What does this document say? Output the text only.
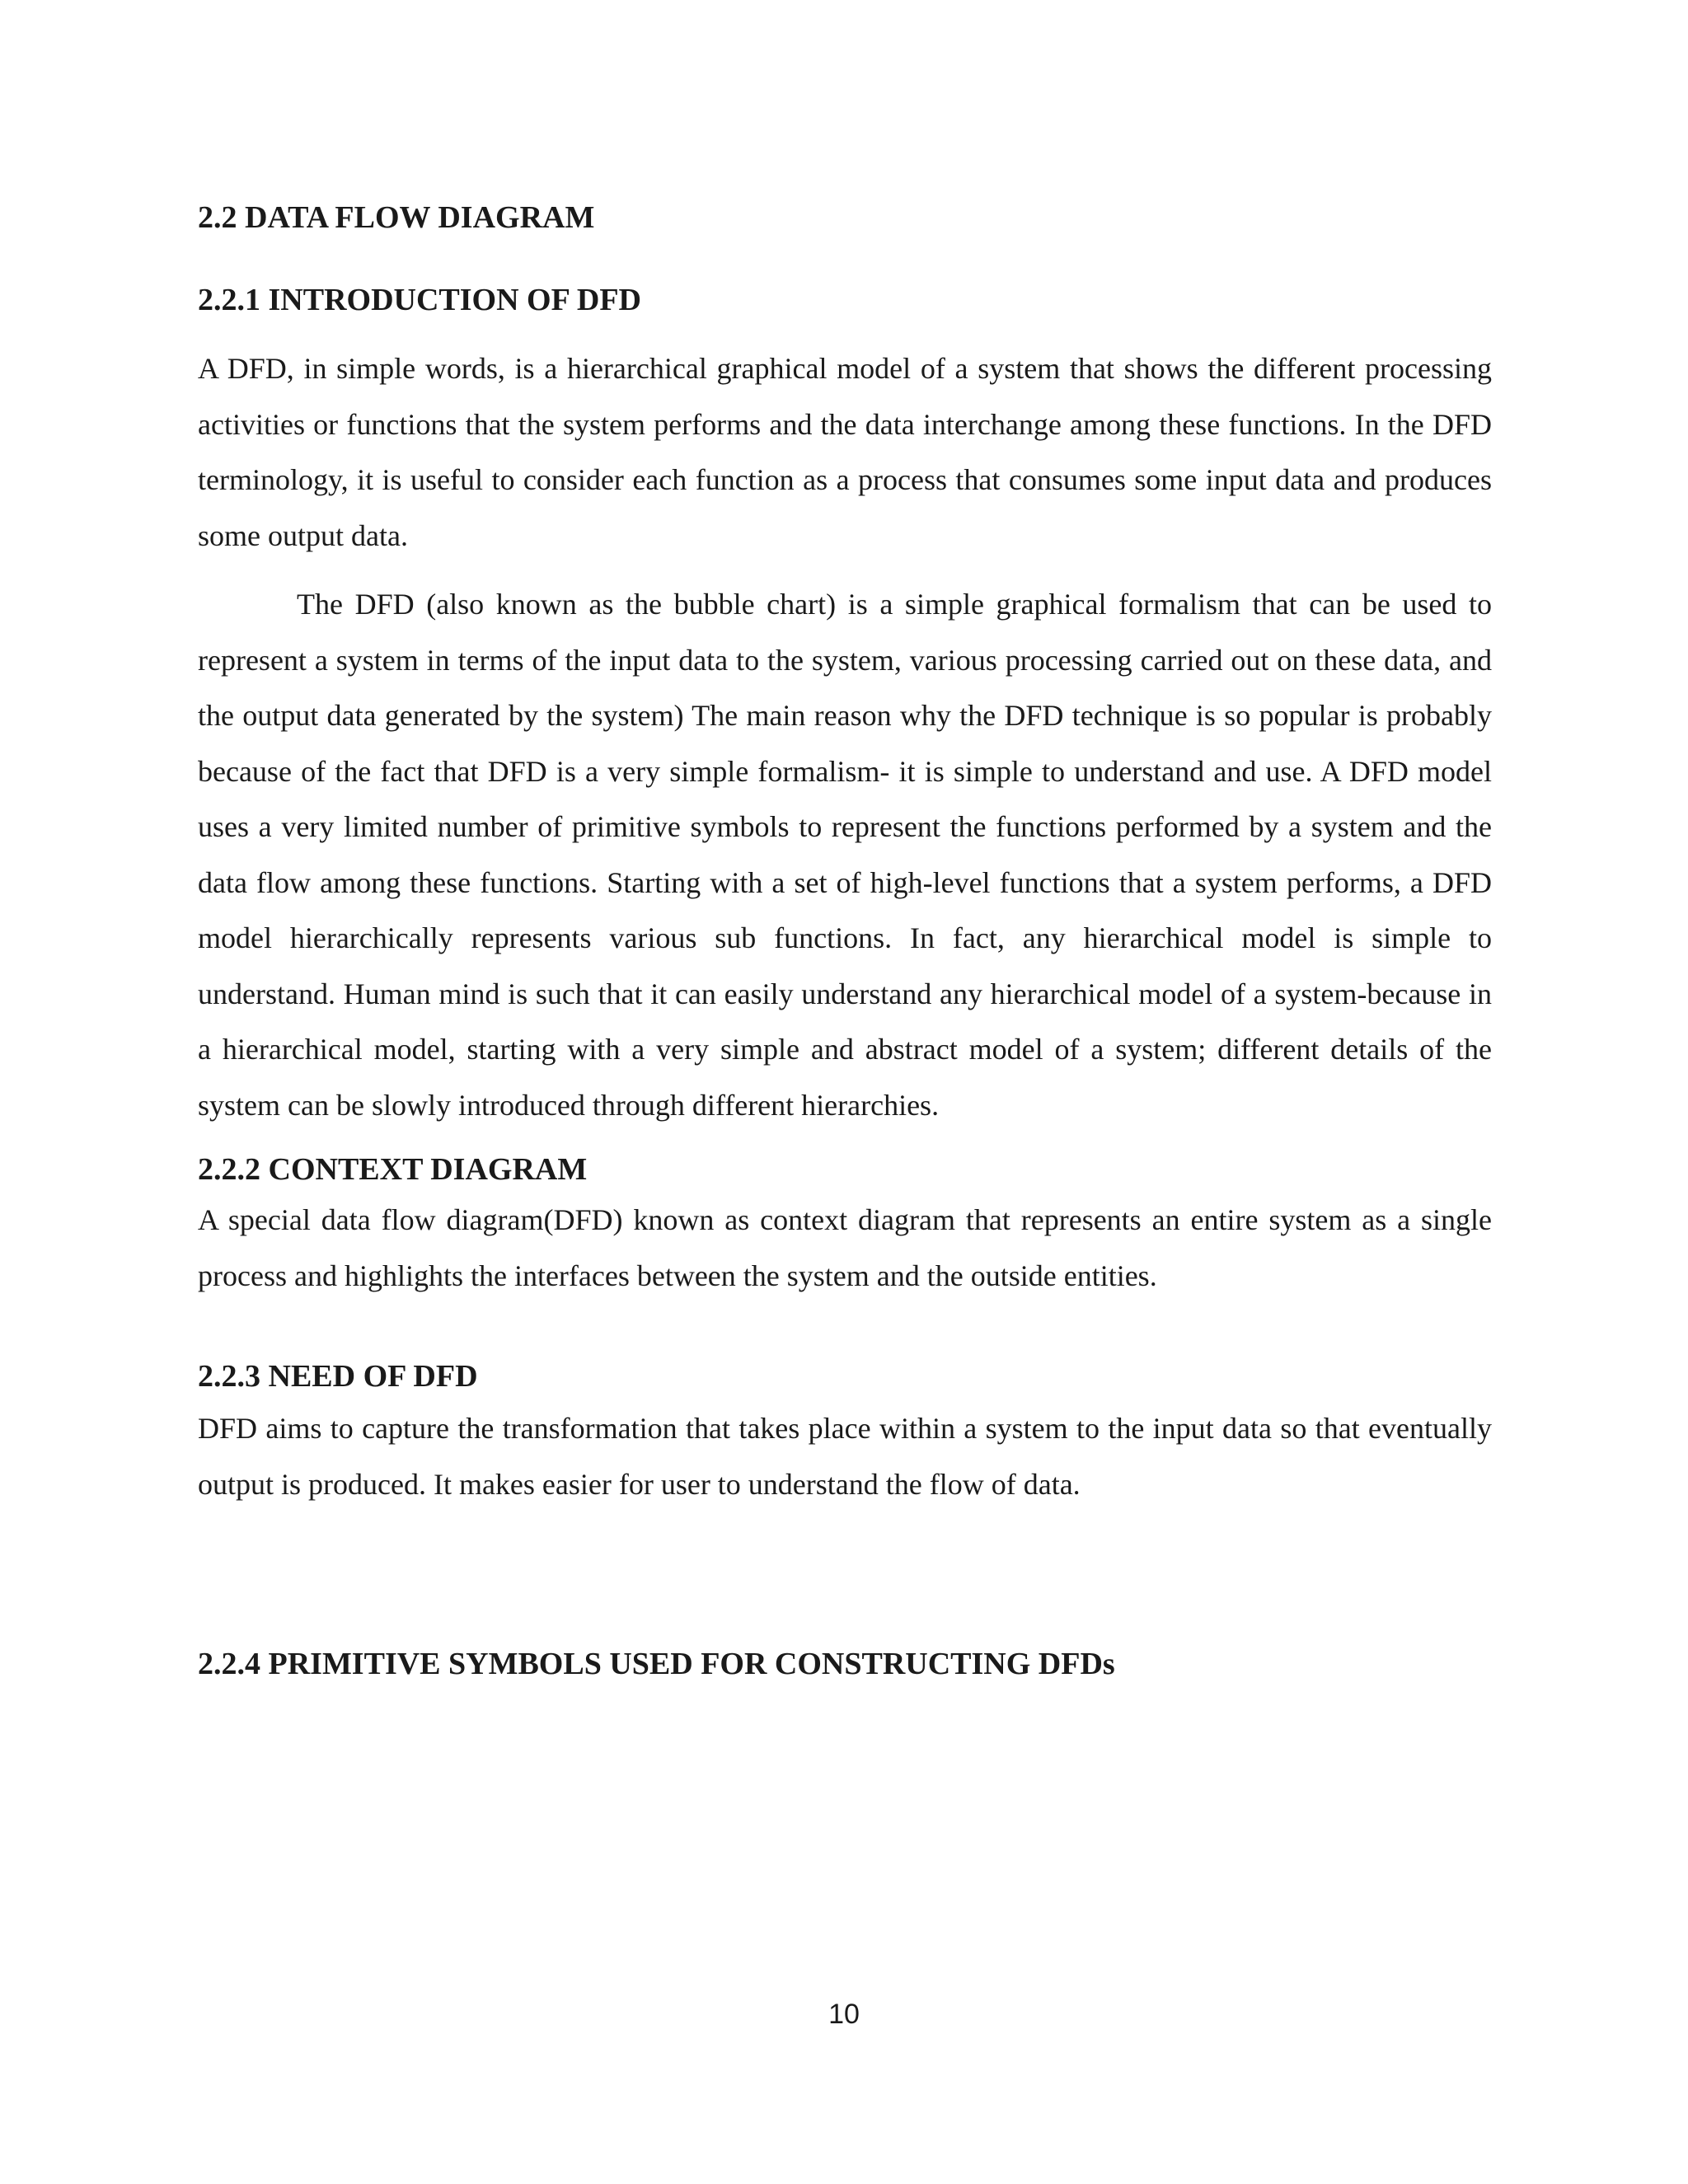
2.2 DATA FLOW DIAGRAM
2.2.1 INTRODUCTION OF DFD

A DFD, in simple words, is a hierarchical graphical model of a system that shows the different processing activities or functions that the system performs and the data interchange among these functions. In the DFD terminology, it is useful to consider each function as a process that consumes some input data and produces some output data.

The DFD (also known as the bubble chart) is a simple graphical formalism that can be used to represent a system in terms of the input data to the system, various processing carried out on these data, and the output data generated by the system) The main reason why the DFD technique is so popular is probably because of the fact that DFD is a very simple formalism- it is simple to understand and use. A DFD model uses a very limited number of primitive symbols to represent the functions performed by a system and the data flow among these functions. Starting with a set of high-level functions that a system performs, a DFD model hierarchically represents various sub functions. In fact, any hierarchical model is simple to understand. Human mind is such that it can easily understand any hierarchical model of a system-because in a hierarchical model, starting with a very simple and abstract model of a system; different details of the system can be slowly introduced through different hierarchies.

2.2.2 CONTEXT DIAGRAM

A special data flow diagram(DFD) known as context diagram that represents an entire system as a single process and highlights the interfaces between the system and the outside entities.

2.2.3 NEED OF DFD

DFD aims to capture the transformation that takes place within a system to the input data so that eventually output is produced. It makes easier for user to understand the flow of data.

2.2.4 PRIMITIVE SYMBOLS USED FOR CONSTRUCTING DFDs
10
